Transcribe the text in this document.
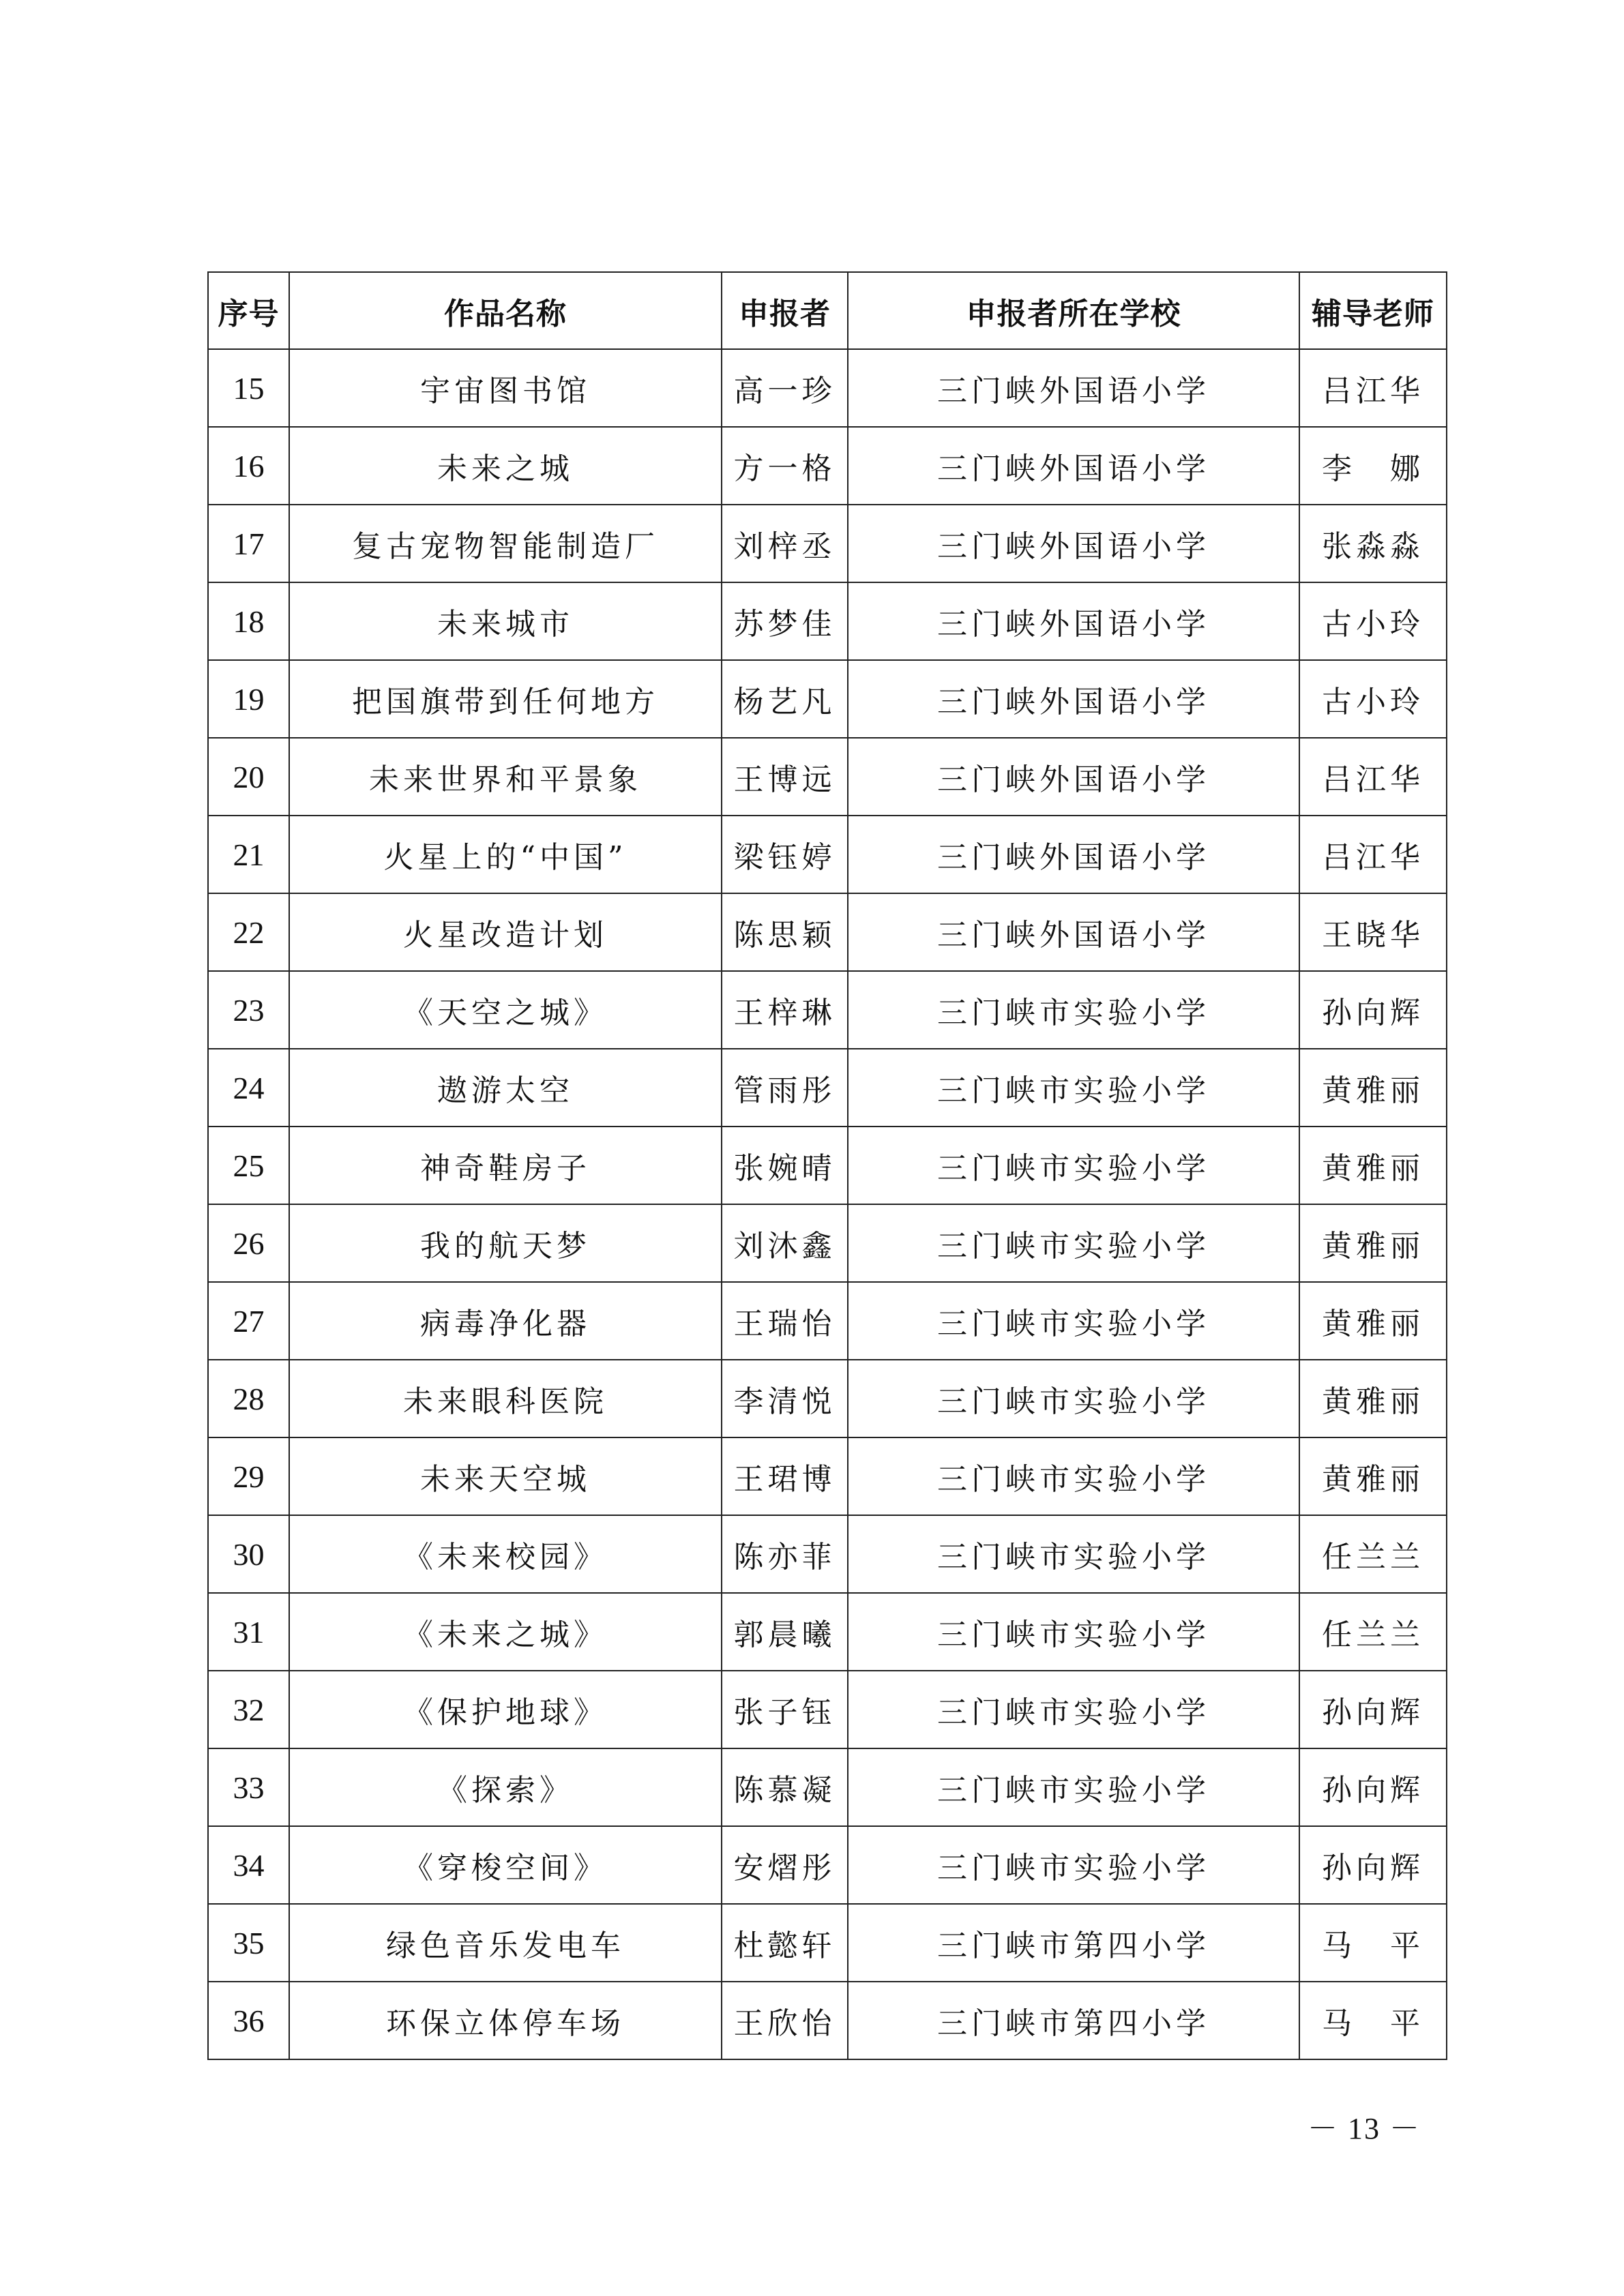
序号	作品名称	申报者	申报者所在学校	辅导老师
15	宇宙图书馆	高一珍	三门峡外国语小学	吕江华
16	未来之城	方一格	三门峡外国语小学	李　娜
17	复古宠物智能制造厂	刘梓丞	三门峡外国语小学	张淼淼
18	未来城市	苏梦佳	三门峡外国语小学	古小玲
19	把国旗带到任何地方	杨艺凡	三门峡外国语小学	古小玲
20	未来世界和平景象	王博远	三门峡外国语小学	吕江华
21	火星上的“中国”	梁钰婷	三门峡外国语小学	吕江华
22	火星改造计划	陈思颖	三门峡外国语小学	王晓华
23	《天空之城》	王梓琳	三门峡市实验小学	孙向辉
24	遨游太空	管雨彤	三门峡市实验小学	黄雅丽
25	神奇鞋房子	张婉晴	三门峡市实验小学	黄雅丽
26	我的航天梦	刘沐鑫	三门峡市实验小学	黄雅丽
27	病毒净化器	王瑞怡	三门峡市实验小学	黄雅丽
28	未来眼科医院	李清悦	三门峡市实验小学	黄雅丽
29	未来天空城	王珺博	三门峡市实验小学	黄雅丽
30	《未来校园》	陈亦菲	三门峡市实验小学	任兰兰
31	《未来之城》	郭晨曦	三门峡市实验小学	任兰兰
32	《保护地球》	张子钰	三门峡市实验小学	孙向辉
33	《探索》	陈慕凝	三门峡市实验小学	孙向辉
34	《穿梭空间》	安熠彤	三门峡市实验小学	孙向辉
35	绿色音乐发电车	杜懿轩	三门峡市第四小学	马　平
36	环保立体停车场	王欣怡	三门峡市第四小学	马　平
－ 13 －
